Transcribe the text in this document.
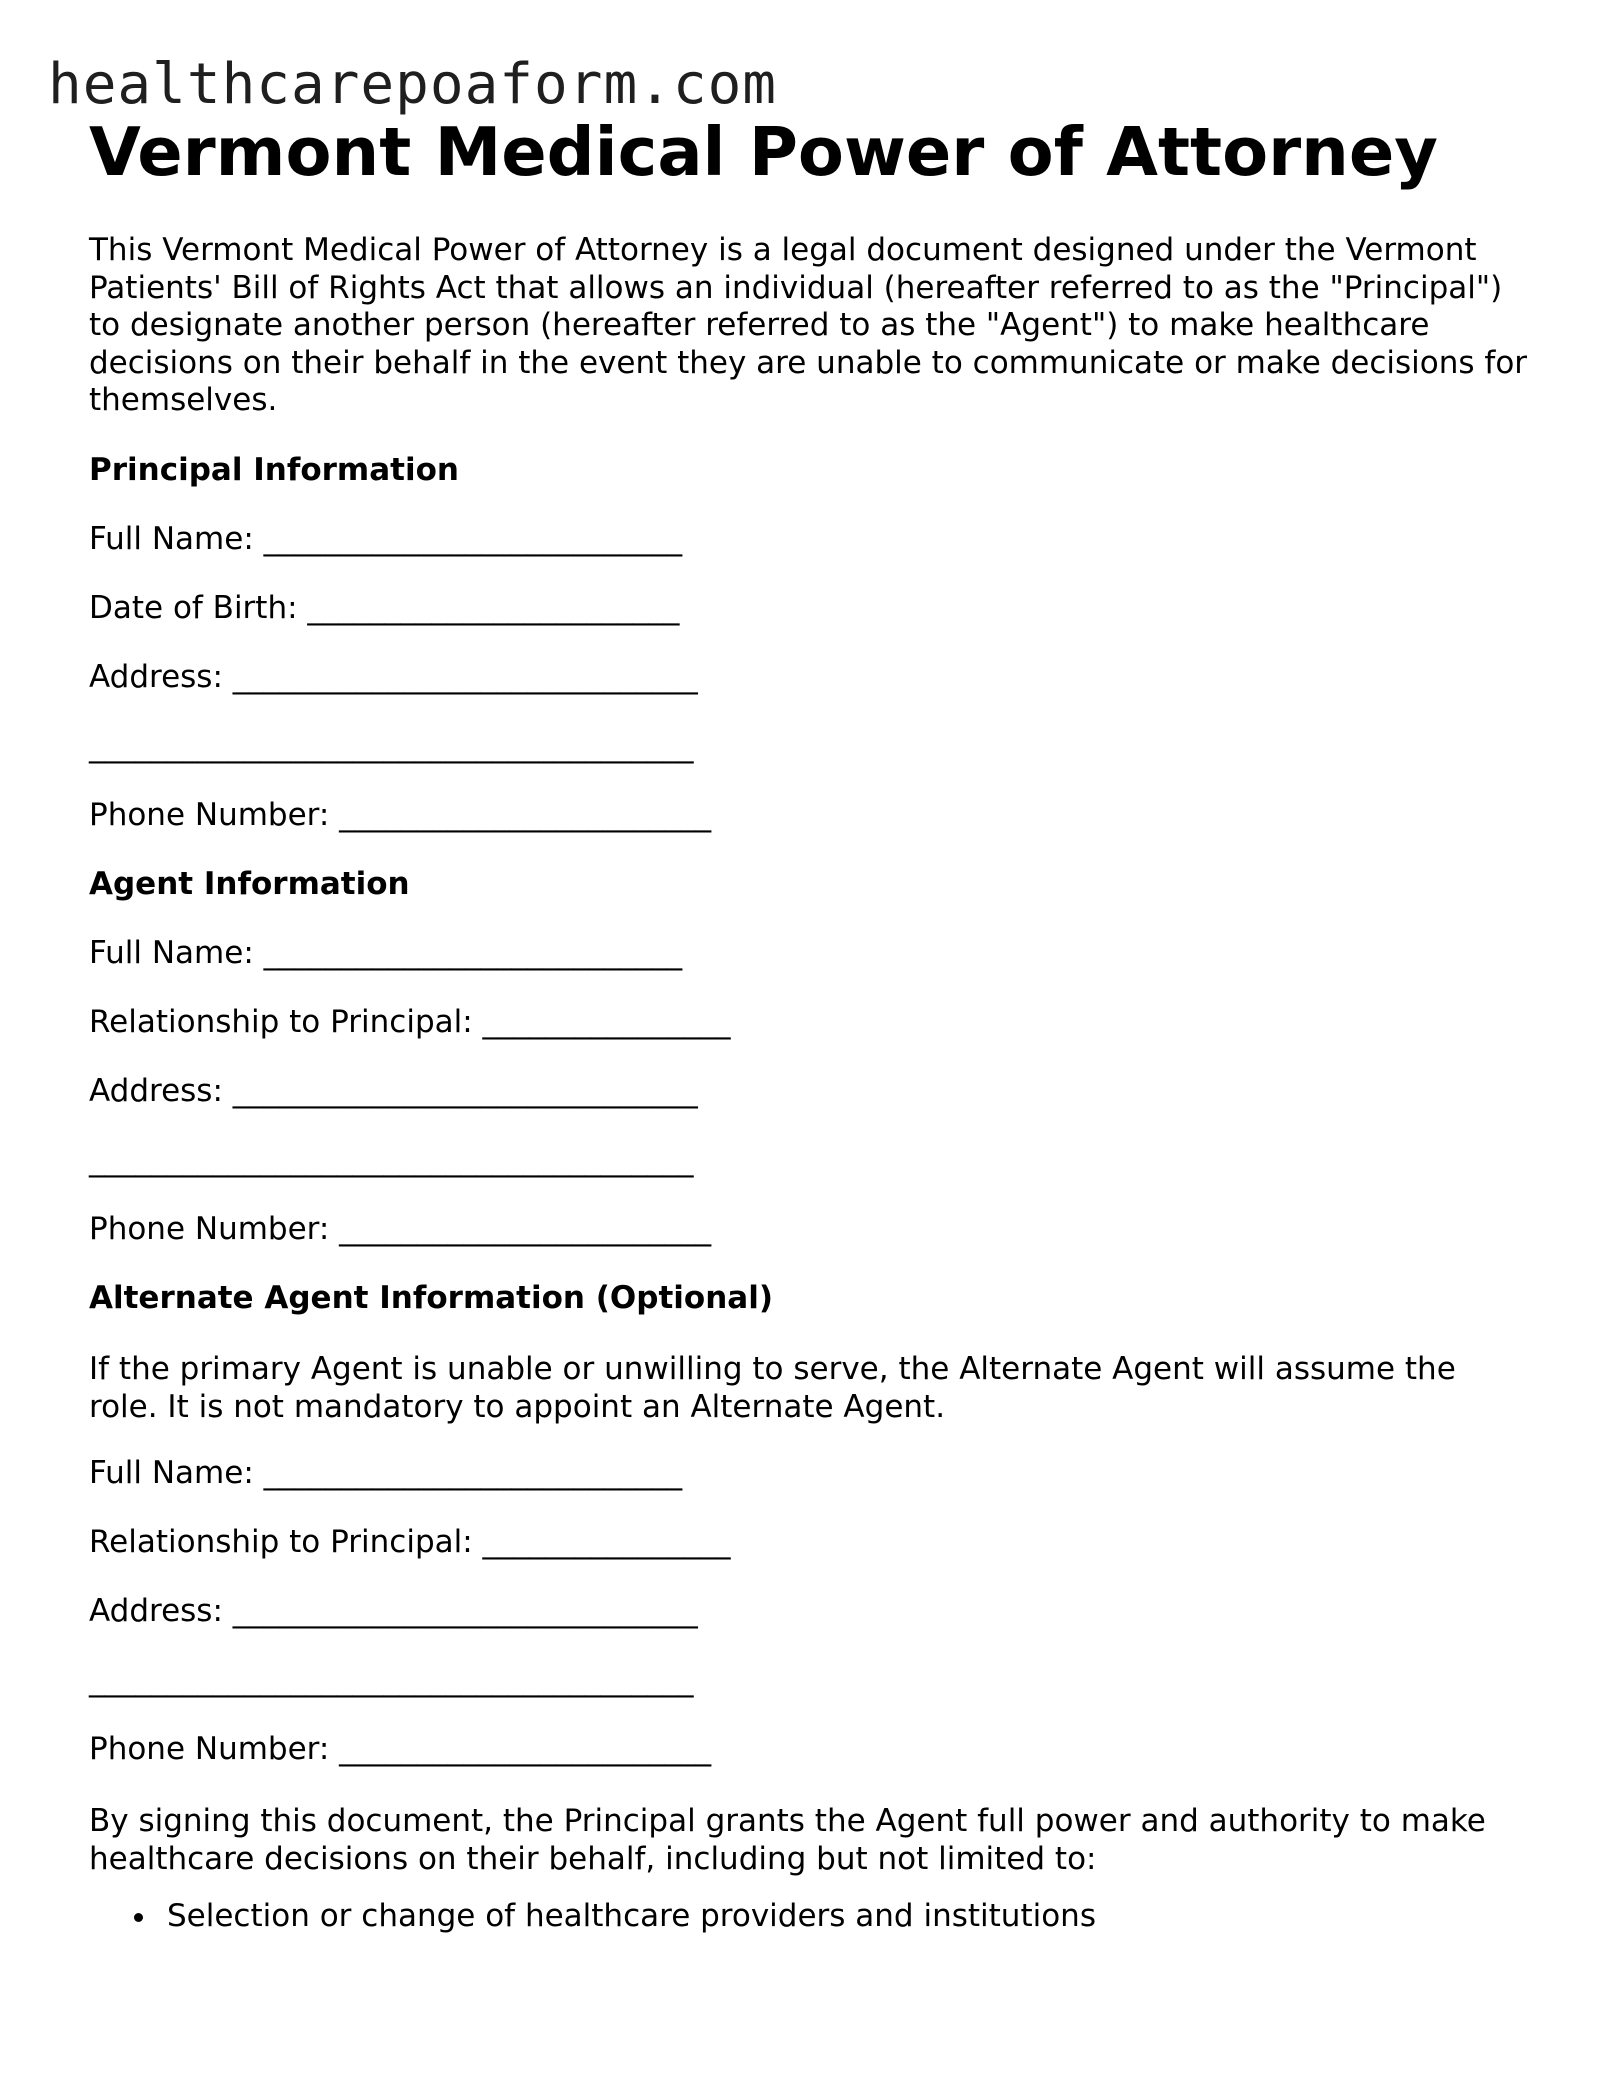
healthcarepoaform.com
Vermont Medical Power of Attorney

This Vermont Medical Power of Attorney is a legal document designed under the Vermont Patients' Bill of Rights Act that allows an individual (hereafter referred to as the "Principal") to designate another person (hereafter referred to as the "Agent") to make healthcare decisions on their behalf in the event they are unable to communicate or make decisions for themselves.

Principal Information

Full Name: ___________________________

Date of Birth: ________________________

Address: ______________________________

_______________________________________

Phone Number: ________________________

Agent Information

Full Name: ___________________________

Relationship to Principal: ________________

Address: ______________________________

_______________________________________

Phone Number: ________________________

Alternate Agent Information (Optional)

If the primary Agent is unable or unwilling to serve, the Alternate Agent will assume the role. It is not mandatory to appoint an Alternate Agent.

Full Name: ___________________________

Relationship to Principal: ________________

Address: ______________________________

_______________________________________

Phone Number: ________________________

By signing this document, the Principal grants the Agent full power and authority to make healthcare decisions on their behalf, including but not limited to:

Selection or change of healthcare providers and institutions
